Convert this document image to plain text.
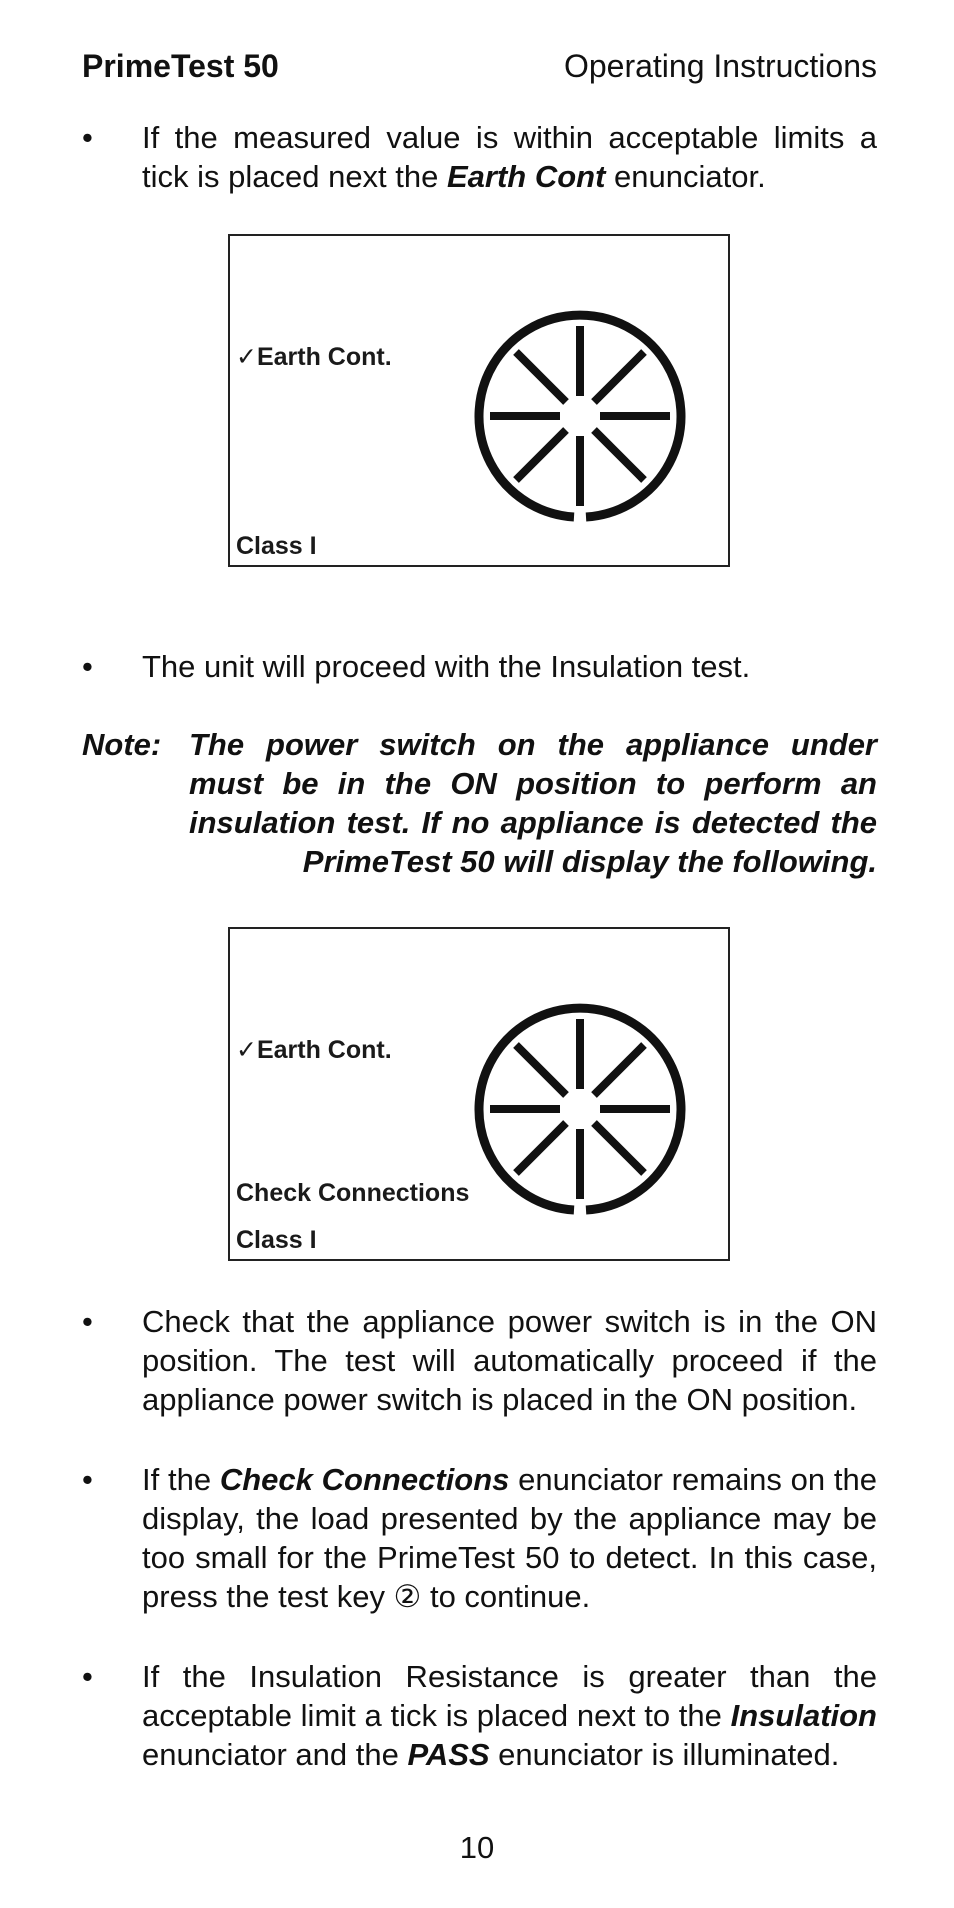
PrimeTest 50	Operating Instructions
•	If the measured value is within acceptable limits a tick is placed next the Earth Cont enunciator.
✓Earth Cont.
Class I
•	The unit will proceed with the Insulation test.
The power switch on the appliance under must be in the ON position to perform an insulation test. If no appliance is detected the PrimeTest 50 will display the following.
Note:
✓Earth Cont.
Check Connections
Class I
•	Check that the appliance power switch is in the ON position. The test will automatically proceed if the appliance power switch is placed in the ON position.
•	If the Check Connections enunciator remains on the display, the load presented by the appliance may be too small for the PrimeTest 50 to detect. In this case, press the test key ② to continue.
•	If the Insulation Resistance is greater than the acceptable limit a tick is placed next to the Insulation enunciator and the PASS enunciator is illuminated.
10
